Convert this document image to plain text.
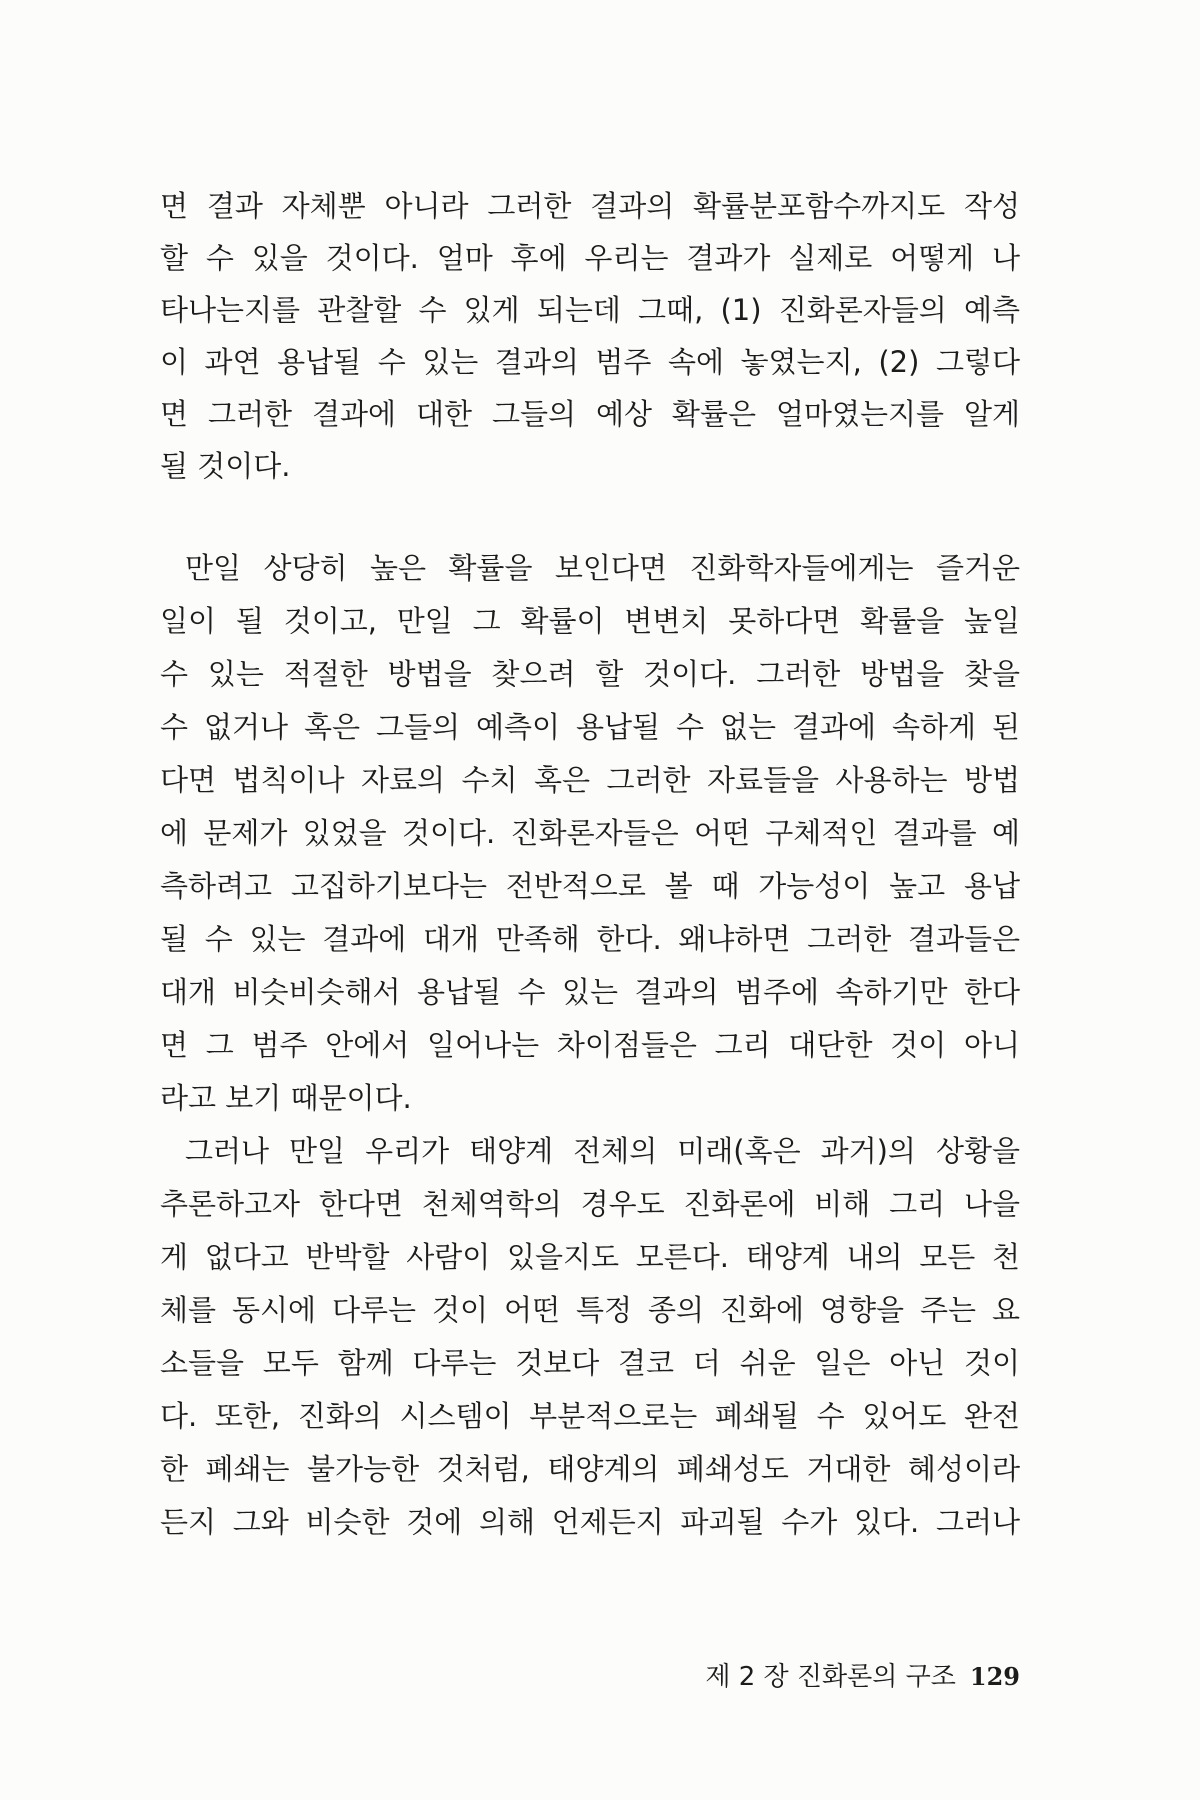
면 결과 자체뿐 아니라 그러한 결과의 확률분포함수까지도 작성
할 수 있을 것이다. 얼마 후에 우리는 결과가 실제로 어떻게 나
타나는지를 관찰할 수 있게 되는데 그때, (1) 진화론자들의 예측
이 과연 용납될 수 있는 결과의 범주 속에 놓였는지, (2) 그렇다
면 그러한 결과에 대한 그들의 예상 확률은 얼마였는지를 알게
될 것이다.
만일 상당히 높은 확률을 보인다면 진화학자들에게는 즐거운
일이 될 것이고, 만일 그 확률이 변변치 못하다면 확률을 높일
수 있는 적절한 방법을 찾으려 할 것이다. 그러한 방법을 찾을
수 없거나 혹은 그들의 예측이 용납될 수 없는 결과에 속하게 된
다면 법칙이나 자료의 수치 혹은 그러한 자료들을 사용하는 방법
에 문제가 있었을 것이다. 진화론자들은 어떤 구체적인 결과를 예
측하려고 고집하기보다는 전반적으로 볼 때 가능성이 높고 용납
될 수 있는 결과에 대개 만족해 한다. 왜냐하면 그러한 결과들은
대개 비슷비슷해서 용납될 수 있는 결과의 범주에 속하기만 한다
면 그 범주 안에서 일어나는 차이점들은 그리 대단한 것이 아니
라고 보기 때문이다.
그러나 만일 우리가 태양계 전체의 미래(혹은 과거)의 상황을
추론하고자 한다면 천체역학의 경우도 진화론에 비해 그리 나을
게 없다고 반박할 사람이 있을지도 모른다. 태양계 내의 모든 천
체를 동시에 다루는 것이 어떤 특정 종의 진화에 영향을 주는 요
소들을 모두 함께 다루는 것보다 결코 더 쉬운 일은 아닌 것이
다. 또한, 진화의 시스템이 부분적으로는 폐쇄될 수 있어도 완전
한 폐쇄는 불가능한 것처럼, 태양계의 폐쇄성도 거대한 혜성이라
든지 그와 비슷한 것에 의해 언제든지 파괴될 수가 있다. 그러나
제 2 장 진화론의 구조 129
